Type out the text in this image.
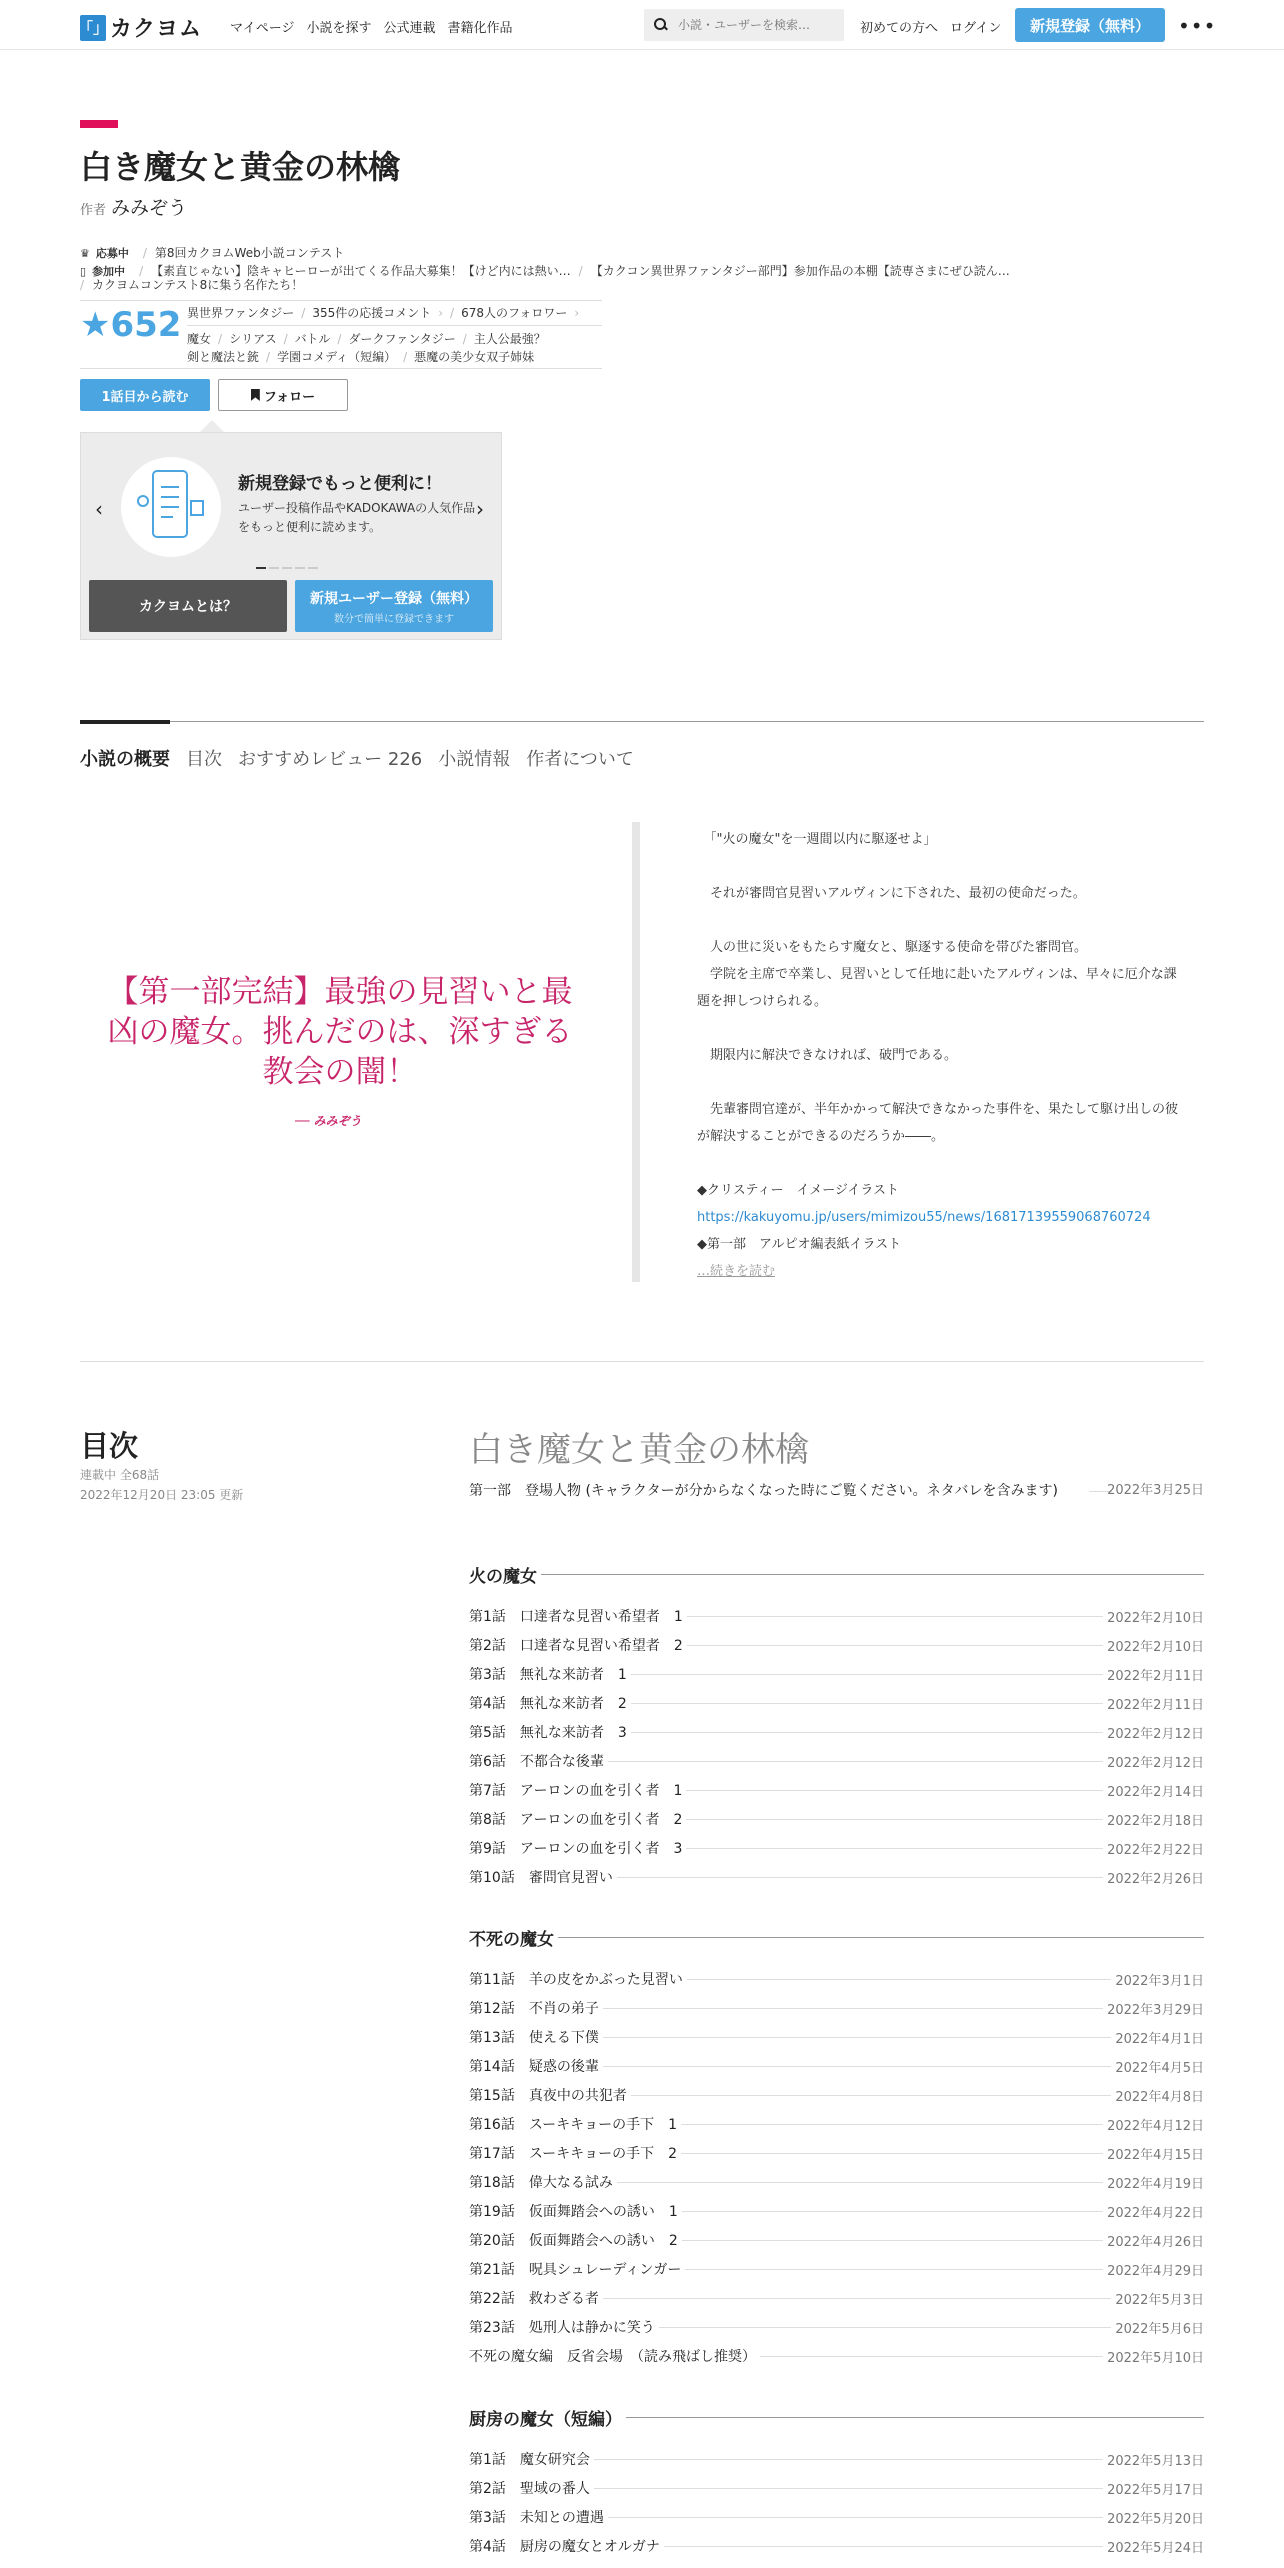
「」 カクヨム マイページ 小説を探す 公式連載 書籍化作品
小説・ユーザーを検索…	初めての方へ ログイン	新規登録（無料）	•••
白き魔女と黄金の林檎
作者 みみぞう
♛ 応募中 / 第8回カクヨムWeb小説コンテスト
▯ 参加中 / 【素直じゃない】陰キャヒーローが出てくる作品大募集！【けど内には熱い… / 【カクコン異世界ファンタジー部門】参加作品の本棚【読専さまにぜひ読ん…
/ カクヨムコンテスト8に集う名作たち！
★652 異世界ファンタジー / 355件の応援コメント › / 678人のフォロワー ›
魔女 / シリアス / バトル / ダークファンタジー / 主人公最強？
剣と魔法と銃 / 学園コメディ（短編） / 悪魔の美少女双子姉妹
1話目から読む	フォロー
‹	›
新規登録でもっと便利に！
ユーザー投稿作品やKADOKAWAの人気作品をもっと便利に読めます。
カクヨムとは？
新規ユーザー登録（無料）
数分で簡単に登録できます
小説の概要 目次 おすすめレビュー 226 小説情報 作者について
【第一部完結】最強の見習いと最凶の魔女。挑んだのは、深すぎる教会の闇！
── みみぞう

　「"火の魔女"を一週間以内に駆逐せよ」

　それが審問官見習いアルヴィンに下された、最初の使命だった。

　人の世に災いをもたらす魔女と、駆逐する使命を帯びた審問官。
　学院を主席で卒業し、見習いとして任地に赴いたアルヴィンは、早々に厄介な課題を押しつけられる。

　期限内に解決できなければ、破門である。

　先輩審問官達が、半年かかって解決できなかった事件を、果たして駆け出しの彼が解決することができるのだろうか――。

◆クリスティー　イメージイラスト

https://kakuyomu.jp/users/mimizou55/news/16817139559068760724

◆第一部　アルピオ編表紙イラスト

…続きを読む

目次
連載中 全68話
2022年12月20日 23:05 更新
白き魔女と黄金の林檎
第一部　登場人物 (キャラクターが分からなくなった時にご覧ください。ネタバレを含みます)	2022年3月25日
火の魔女
第1話　口達者な見習い希望者　1	2022年2月10日
第2話　口達者な見習い希望者　2	2022年2月10日
第3話　無礼な来訪者　1	2022年2月11日
第4話　無礼な来訪者　2	2022年2月11日
第5話　無礼な来訪者　3	2022年2月12日
第6話　不都合な後輩	2022年2月12日
第7話　アーロンの血を引く者　1	2022年2月14日
第8話　アーロンの血を引く者　2	2022年2月18日
第9話　アーロンの血を引く者　3	2022年2月22日
第10話　審問官見習い	2022年2月26日
不死の魔女
第11話　羊の皮をかぶった見習い	2022年3月1日
第12話　不肖の弟子	2022年3月29日
第13話　使える下僕	2022年4月1日
第14話　疑惑の後輩	2022年4月5日
第15話　真夜中の共犯者	2022年4月8日
第16話　スーキキョーの手下　1	2022年4月12日
第17話　スーキキョーの手下　2	2022年4月15日
第18話　偉大なる試み	2022年4月19日
第19話　仮面舞踏会への誘い　1	2022年4月22日
第20話　仮面舞踏会への誘い　2	2022年4月26日
第21話　呪具シュレーディンガー	2022年4月29日
第22話　救わざる者	2022年5月3日
第23話　処刑人は静かに笑う	2022年5月6日
不死の魔女編　反省会場　（読み飛ばし推奨）	2022年5月10日
厨房の魔女（短編）
第1話　魔女研究会	2022年5月13日
第2話　聖域の番人	2022年5月17日
第3話　未知との遭遇	2022年5月20日
第4話　厨房の魔女とオルガナ	2022年5月24日
